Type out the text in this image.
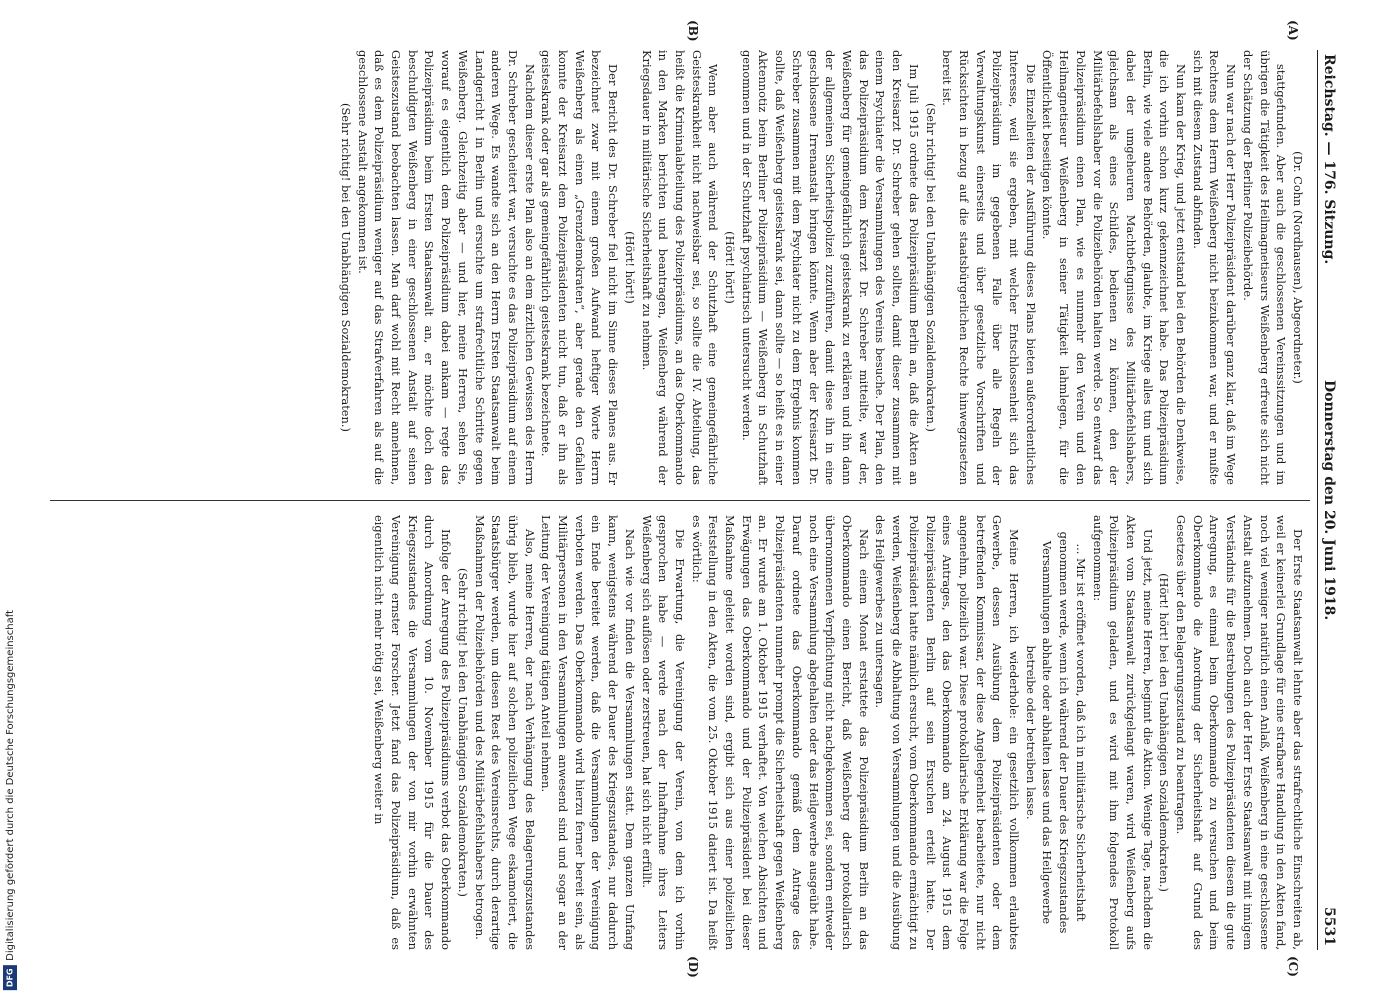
Digitalisierung gefördert durch die Deutsche Forschungsgemeinschaft
DFG
Reichstag. — 176. Sitzung.
Donnerstag den 20. Juni 1918.
5531
(A)
(B)
(C)
(D)

(Dr. Cohn (Nordhausen), Abgeordneter.)

stattgefunden. Aber auch die geschlossenen Vereinssitzungen und im übrigen die Tätigkeit des Heilmagnetiseurs Weißenberg erfreute sich nicht der Schätzung der Berliner Polizeibehörde.

Nun war nach der Herr Polizeipräsident darüber ganz klar, daß im Wege Rechtens dem Herrn Weißenberg nicht beizukommen war, und er mußte sich mit diesem Zustand abfinden.

Nun kam der Krieg, und jetzt entstand bei den Behörden die Denkweise, die ich vorhin schon kurz gekennzeichnet habe. Das Polizeipräsidium Berlin, wie viele andere Behörden, glaubte, im Kriege alles tun und sich dabei der umgeheuren Machtbefugnisse des Militärbefehlshabers, gleichsam als eines Schildes, bedienen zu können, den der Militärbefehlshaber vor die Polizeibehörden halten werde. So entwarf das Polizeipräsidium einen Plan, wie es nunmehr den Verein und den Heilmagnetiseur Weißenberg in seiner Tätigkeit lahmlegen, für die Öffentlichkeit beseitigen könnte.

Die Einzelheiten der Ausführung dieses Plans bieten außerordentliches Interesse, weil sie ergeben, mit welcher Entschlossenheit sich das Polizeipräsidium im gegebenen Falle über alle Regeln der Verwaltungskunst einerseits und über gesetzliche Vorschriften und Rücksichten in bezug auf die staatsbürgerlichen Rechte hinwegzusetzen bereit ist.

(Sehr richtig! bei den Unabhängigen Sozialdemokraten.)

Im Juli 1915 ordnete das Polizeipräsidium Berlin an, daß die Akten an den Kreisarzt Dr. Schreber gehen sollten, damit dieser zusammen mit einem Psychiater die Versammlungen des Vereins besuche. Der Plan, den das Polizeipräsidium dem Kreisarzt Dr. Schreber mitteilte, war der, Weißenberg für gemeingefährlich geisteskrank zu erklären und ihn dann der allgemeinen Sicherheitspolizei zuzuführen, damit diese ihn in eine geschlossene Irrenanstalt bringen könnte. Wenn aber der Kreisarzt Dr. Schreber zusammen mit dem Psychiater nicht zu dem Ergebnis kommen sollte, daß Weißenberg geisteskrank sei, dann sollte — so heißt es in einer Aktennotiz beim Berliner Polizeipräsidium — Weißenberg in Schutzhaft genommen und in der Schutzhaft psychiatrisch untersucht werden.

(Hört! hört!)

Wenn aber auch während der Schutzhaft eine gemeingefährliche Geisteskrankheit nicht nachweisbar sei, so sollte die IV. Abteilung, das heißt die Kriminalabteilung des Polizeipräsidiums, an das Oberkommando in den Marken berichten und beantragen, Weißenberg während der Kriegsdauer in militärische Sicherheitshaft zu nehmen.

(Hört! hört!)

Der Bericht des Dr. Schreber fiel nicht im Sinne dieses Planes aus. Er bezeichnet zwar mit einem großen Aufwand heftiger Worte Herrn Weißenberg als einen „Grenzdemokraten“, aber gerade den Gefallen konnte der Kreisarzt dem Polizeipräsidenten nicht tun, daß er ihn als geisteskrank oder gar als gemeingefährlich geisteskrank bezeichnete.

Nachdem dieser erste Plan also an dem ärztlichen Gewissen des Herrn Dr. Schreber gescheitert war, versuchte es das Polizeipräsidium auf einem anderen Wege. Es wandte sich an den Herrn Ersten Staatsanwalt beim Landgericht I in Berlin und ersuchte um strafrechtliche Schritte gegen Weißenberg. Gleichzeitig aber — und hier, meine Herren, sehen Sie, worauf es eigentlich dem Polizeipräsidium dabei ankam — regte das Polizeipräsidium beim Ersten Staatsanwalt an, er möchte doch den beschuldigten Weißenberg in einer geschlossenen Anstalt auf seinen Geisteszustand beobachten lassen. Man darf wohl mit Recht annehmen, daß es dem Polizeipräsidium weniger auf das Strafverfahren als auf die geschlossene Anstalt angekommen ist.

(Sehr richtig! bei den Unabhängigen Sozialdemokraten.)

Der Erste Staatsanwalt lehnte aber das strafrechtliche Einschreiten ab, weil er keinerlei Grundlage für eine strafbare Handlung in den Akten fand, noch viel weniger natürlich einen Anlaß, Weißenberg in eine geschlossene Anstalt aufzunehmen. Doch auch der Herr Erste Staatsanwalt mit innigem Verständnis für die Bestrebungen des Polizeipräsidenten diesem die gute Anregung, es einmal beim Oberkommando zu versuchen und beim Oberkommando die Anordnung der Sicherheitshaft auf Grund des Gesetzes über den Belagerungszustand zu beantragen.

(Hört! hört! bei den Unabhängigen Sozialdemokraten.)

Und jetzt, meine Herren, beginnt die Aktion. Wenige Tage, nachdem die Akten vom Staatsanwalt zurückgelangt waren, wird Weißenberg aufs Polizeipräsidium geladen, und es wird mit ihm folgendes Protokoll aufgenommen:

... Mir ist eröffnet worden, daß ich in militärische Sicherheitshaft genommen werde, wenn ich während der Dauer des Kriegszustandes Versammlungen abhalte oder abhalten lasse und das Heilgewerbe betreibe oder betreiben lasse.

Meine Herren, ich wiederhole: ein gesetzlich vollkommen erlaubtes Gewerbe, dessen Ausübung dem Polizeipräsidenten oder dem betreffenden Kommissar, der diese Angelegenheit bearbeitete, nur nicht angenehm, polizeilich war. Diese protokollarische Erklärung war die Folge eines Antrages, den das Oberkommando am 24. August 1915 dem Polizeipräsidenten Berlin auf sein Ersuchen erteilt hatte. Der Polizeipräsident hatte nämlich ersucht, vom Oberkommando ermächtigt zu werden, Weißenberg die Abhaltung von Versammlungen und die Ausübung des Heilgewerbes zu untersagen.

Nach einem Monat erstattete das Polizeipräsidium Berlin an das Oberkommando einen Bericht, daß Weißenberg der protokollarisch übernommenen Verpflichtung nicht nachgekommen sei, sondern entweder noch eine Versammlung abgehalten oder das Heilgewerbe ausgeübt habe. Darauf ordnete das Oberkommando gemäß dem Antrage des Polizeipräsidenten nunmehr prompt die Sicherheitshaft gegen Weißenberg an. Er wurde am 1. Oktober 1915 verhaftet. Von welchen Absichten und Erwägungen das Oberkommando und der Polizeipräsident bei dieser Maßnahme geleitet worden sind, ergibt sich aus einer polizeilichen Feststellung in den Akten, die vom 25. Oktober 1915 datiert ist. Da heißt es wörtlich:

Die Erwartung, die Vereinigung der Verein, von dem ich vorhin gesprochen habe — werde nach der Inhaftnahme ihres Leiters Weißenberg sich auflösen oder zerstreuen, hat sich nicht erfüllt.

Nach wie vor finden die Versammlungen statt. Dem ganzen Umfang kann, wenigstens während der Dauer des Kriegszustandes, nur dadurch ein Ende bereitet werden, daß die Versammlungen der Vereinigung verboten werden. Das Oberkommando wird hierzu ferner bereit sein, als Militärpersonen in den Versammlungen anwesend sind und sogar an der Leitung der Vereinigung tätigen Anteil nehmen.

Also, meine Herren, der nach Verhängung des Belagerungszustandes übrig blieb, wurde hier auf solchen polizeilichen Wege eskamotiert, die Staatsbürger werden, um diesen Rest des Vereinsrechts, durch derartige Maßnahmen der Polizeibehörden und des Militärbefehlshabers betrogen.

(Sehr richtig! bei den Unabhängigen Sozialdemokraten.)

Infolge der Anregung des Polizeipräsidiums verbot das Oberkommando durch Anordnung vom 10. November 1915 für die Dauer des Kriegszustandes die Versammlungen der von mir vorhin erwähnten Vereinigung ernster Forscher. Jetzt fand das Polizeipräsidium, daß es eigentlich nicht mehr nötig sei, Weißenberg weiter in
